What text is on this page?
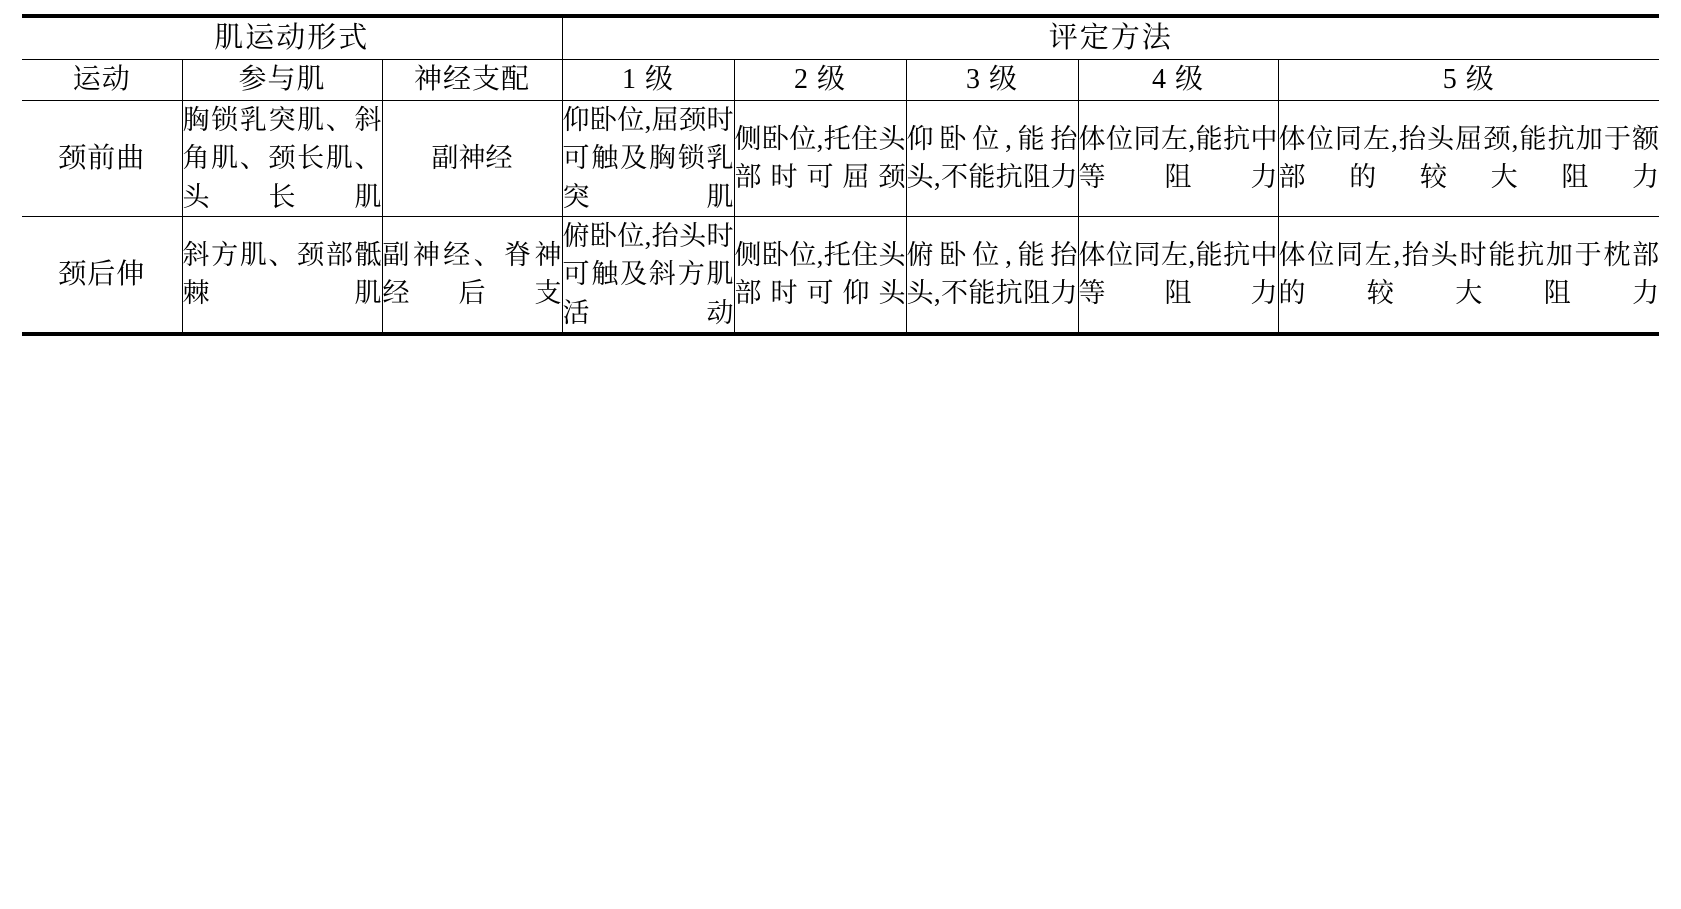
肌运动形式			评定方法				
运动	参与肌	神经支配	1 级	2 级	3 级	4 级	5 级
颈前曲	胸锁乳突肌、斜角肌、颈长肌、头长肌	副神经	仰卧位,屈颈时可触及胸锁乳突肌	侧卧位,托住头部时可屈颈	仰卧位,能抬头,不能抗阻力	体位同左,能抗中等阻力	体位同左,抬头屈颈,能抗加于额部的较大阻力
颈后伸	斜方肌、颈部骶棘肌	副神经、脊神经后支	俯卧位,抬头时可触及斜方肌活动	侧卧位,托住头部时可仰头	俯卧位,能抬头,不能抗阻力	体位同左,能抗中等阻力	体位同左,抬头时能抗加于枕部的较大阻力
